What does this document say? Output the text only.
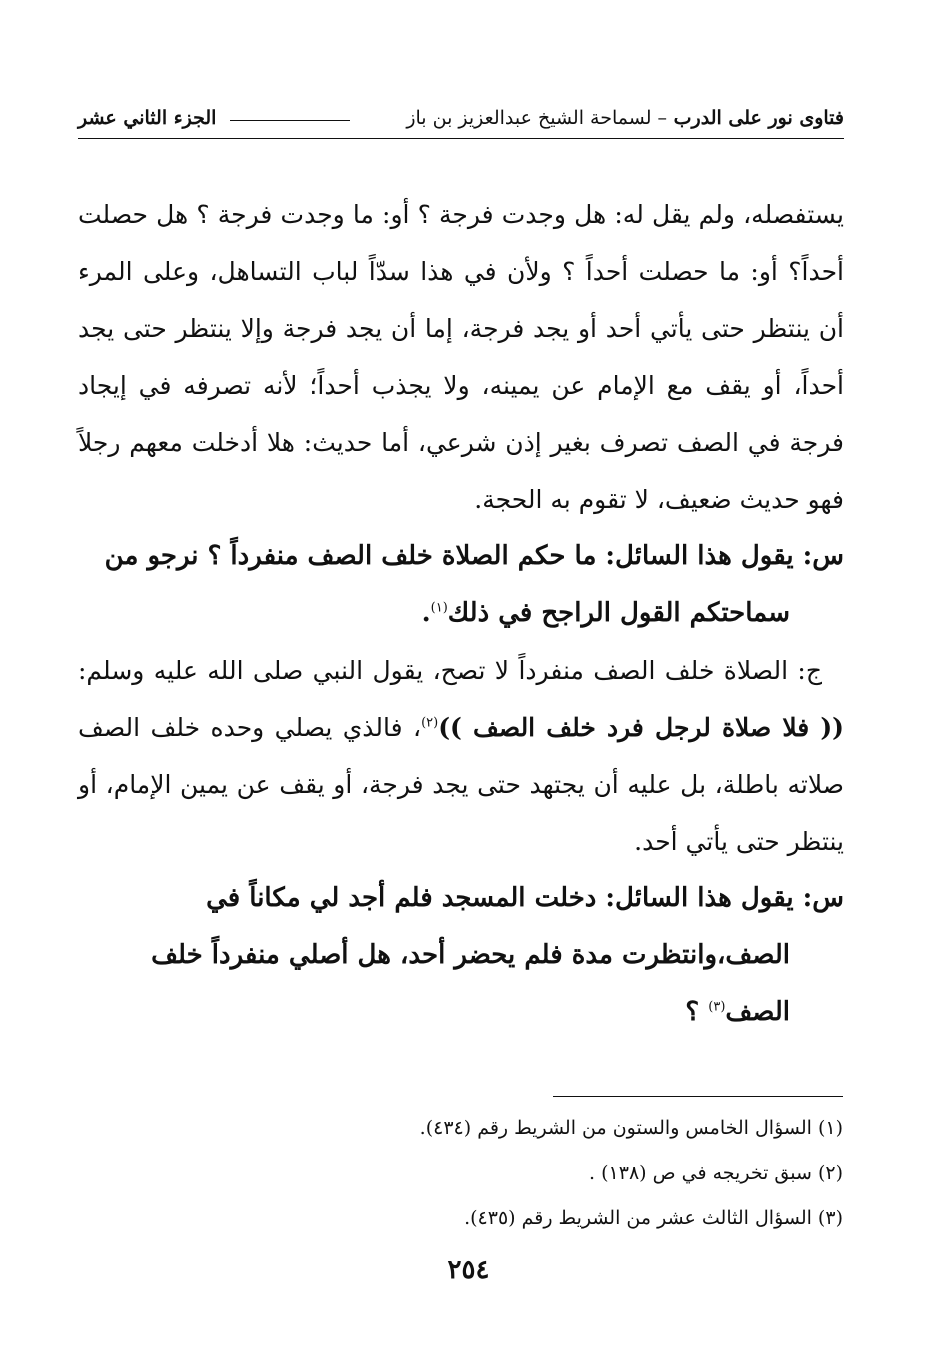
فتاوى نور على الدرب – لسماحة الشيخ عبدالعزيز بن باز
الجزء الثاني عشر

يستفصله، ولم يقل له: هل وجدت فرجة ؟ أو: ما وجدت فرجة ؟ هل حصلت أحداً؟ أو: ما حصلت أحداً ؟ ولأن في هذا سدّاً لباب التساهل، وعلى المرء أن ينتظر حتى يأتي أحد أو يجد فرجة، إما أن يجد فرجة وإلا ينتظر حتى يجد أحداً، أو يقف مع الإمام عن يمينه، ولا يجذب أحداً؛ لأنه تصرفه في إيجاد فرجة في الصف تصرف بغير إذن شرعي، أما حديث: هلا أدخلت معهم رجلاً فهو حديث ضعيف، لا تقوم به الحجة.

س: يقول هذا السائل: ما حكم الصلاة خلف الصف منفرداً ؟ نرجو من
سماحتكم القول الراجح في ذلك$^{(١)}$.

ج: الصلاة خلف الصف منفرداً لا تصح، يقول النبي صلى الله عليه وسلم: (( فلا صلاة لرجل فرد خلف الصف ))$^{(٢)}$، فالذي يصلي وحده خلف الصف صلاته باطلة، بل عليه أن يجتهد حتى يجد فرجة، أو يقف عن يمين الإمام، أو ينتظر حتى يأتي أحد.

س: يقول هذا السائل: دخلت المسجد فلم أجد لي مكاناً في
الصف،وانتظرت مدة فلم يحضر أحد، هل أصلي منفرداً خلف
الصف$^{(٣)}$ ؟

(١) السؤال الخامس والستون من الشريط رقم (٤٣٤).

(٢) سبق تخريجه في ص (١٣٨) .

(٣) السؤال الثالث عشر من الشريط رقم (٤٣٥).

٢٥٤
